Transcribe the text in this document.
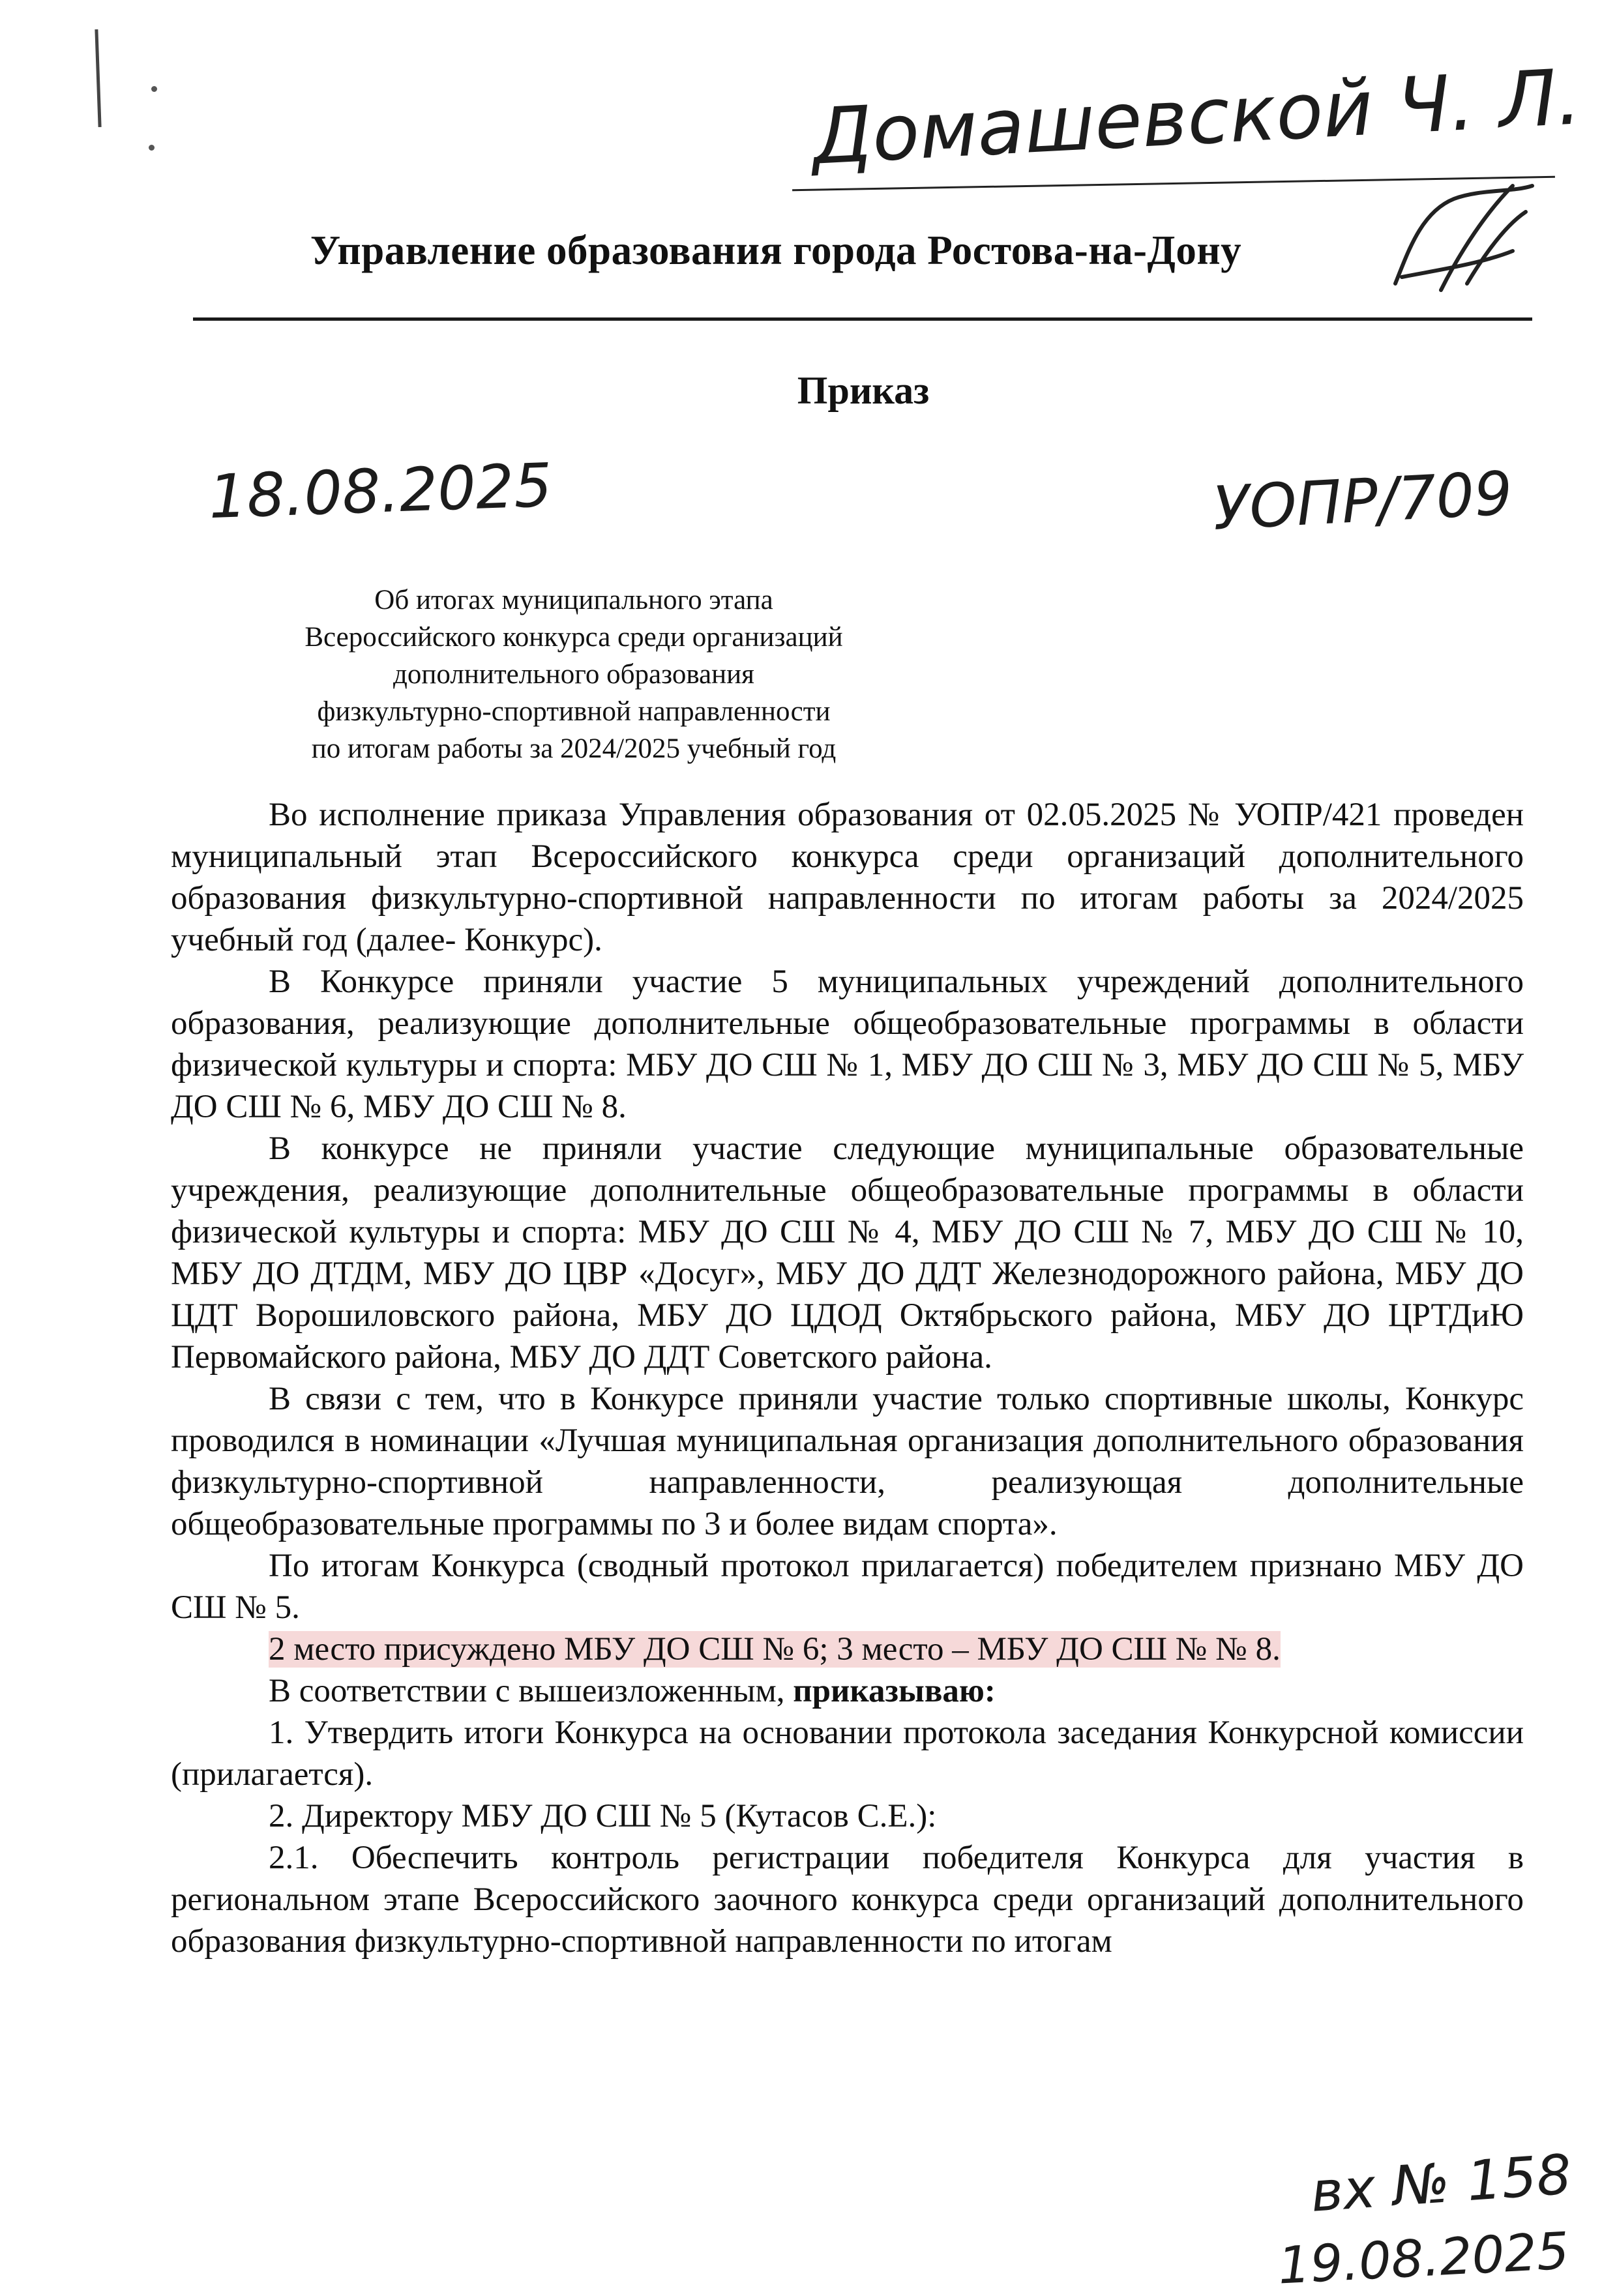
Домашевской Ч. Л.
Управление образования города Ростова-на-Дону
Приказ
18.08.2025	УОПР/709
Об итогах муниципального этапа
Всероссийского конкурса среди организаций
дополнительного образования
физкультурно-спортивной направленности
по итогам работы за 2024/2025 учебный год

Во исполнение приказа Управления образования от 02.05.2025 № УОПР/421 проведен муниципальный этап Всероссийского конкурса среди организаций дополнительного образования физкультурно-спортивной направленности по итогам работы за 2024/2025 учебный год (далее- Конкурс).

В Конкурсе приняли участие 5 муниципальных учреждений дополнительного образования, реализующие дополнительные общеобразовательные программы в области физической культуры и спорта: МБУ ДО СШ № 1, МБУ ДО СШ № 3, МБУ ДО СШ № 5, МБУ ДО СШ № 6, МБУ ДО СШ № 8.

В конкурсе не приняли участие следующие муниципальные образовательные учреждения, реализующие дополнительные общеобразовательные программы в области физической культуры и спорта: МБУ ДО СШ № 4, МБУ ДО СШ № 7, МБУ ДО СШ № 10, МБУ ДО ДТДМ, МБУ ДО ЦВР «Досуг», МБУ ДО ДДТ Железнодорожного района, МБУ ДО ЦДТ Ворошиловского района, МБУ ДО ЦДОД Октябрьского района, МБУ ДО ЦРТДиЮ Первомайского района, МБУ ДО ДДТ Советского района.

В связи с тем, что в Конкурсе приняли участие только спортивные школы, Конкурс проводился в номинации «Лучшая муниципальная организация дополнительного образования физкультурно-спортивной направленности, реализующая дополнительные общеобразовательные программы по 3 и более видам спорта».

По итогам Конкурса (сводный протокол прилагается) победителем признано МБУ ДО СШ № 5.

2 место присуждено МБУ ДО СШ № 6; 3 место – МБУ ДО СШ № № 8.

В соответствии с вышеизложенным, приказываю:

1. Утвердить итоги Конкурса на основании протокола заседания Конкурсной комиссии (прилагается).

2. Директору МБУ ДО СШ № 5 (Кутасов С.Е.):

2.1. Обеспечить контроль регистрации победителя Конкурса для участия в региональном этапе Всероссийского заочного конкурса среди организаций дополнительного образования физкультурно-спортивной направленности по итогам

вх № 158
19.08.2025
